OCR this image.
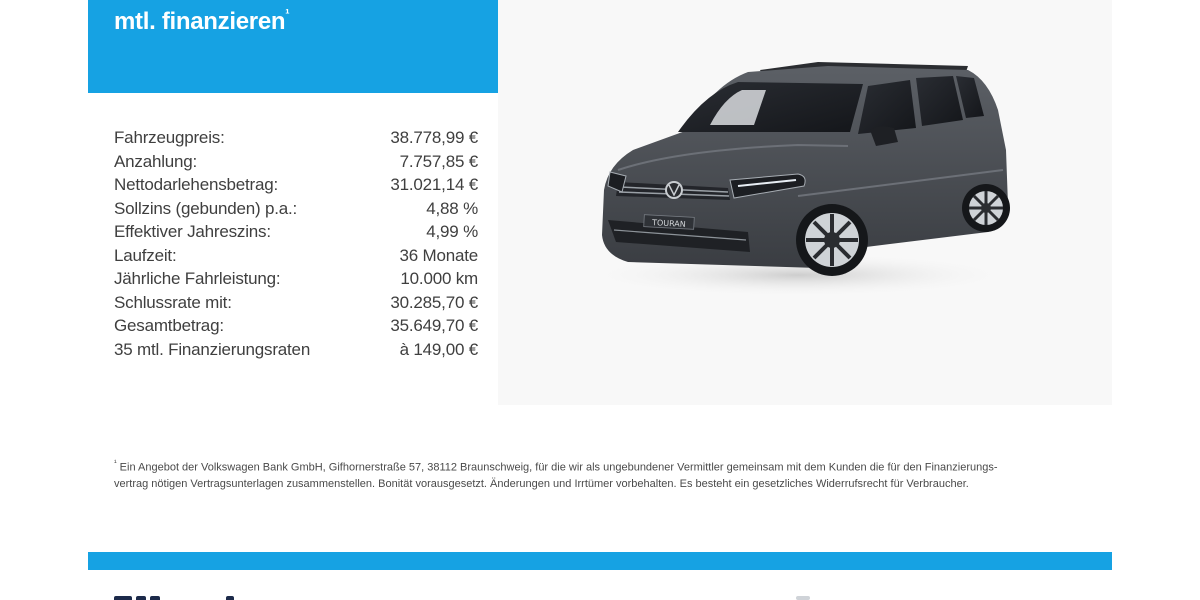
mtl. finanzieren$^{^1}$
Fahrzeugpreis:	38.778,99 €
Anzahlung:	7.757,85 €
Nettodarlehensbetrag:	31.021,14 €
Sollzins (gebunden) p.a.:	4,88 %
Effektiver Jahreszins:	4,99 %
Laufzeit:	36 Monate
Jährliche Fahrleistung:	10.000 km
Schlussrate mit:	30.285,70 €
Gesamtbetrag:	35.649,70 €
35 mtl. Finanzierungsraten	à 149,00 €
TOURAN
$^{^1}$ Ein Angebot der Volkswagen Bank GmbH, Gifhornerstraße 57, 38112 Braunschweig, für die wir als ungebundener Vermittler gemeinsam mit dem Kunden die für den Finanzierungs-
vertrag nötigen Vertragsunterlagen zusammenstellen. Bonität vorausgesetzt. Änderungen und Irrtümer vorbehalten. Es besteht ein gesetzliches Widerrufsrecht für Verbraucher.
